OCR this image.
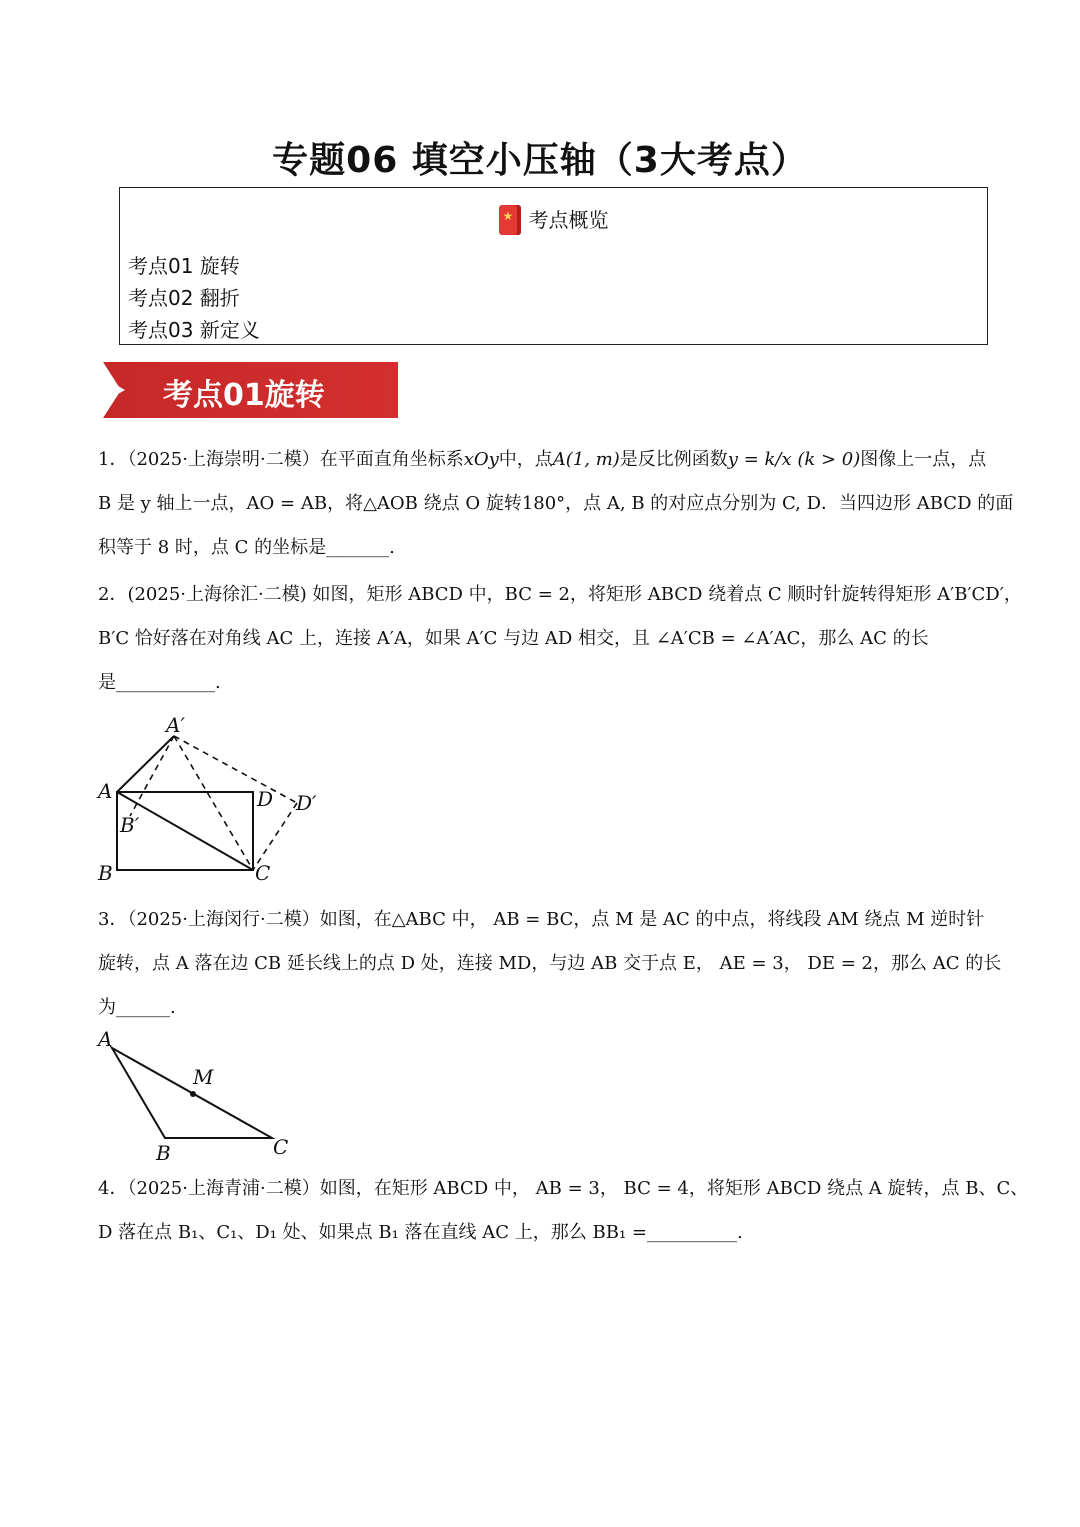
专题06 填空小压轴（3大考点）
★考点概览
考点01 旋转
考点02 翻折
考点03 新定义
考点01旋转
1．（2025·上海崇明·二模）在平面直角坐标系xOy中，点A(1, m)是反比例函数y = k/x (k > 0)图像上一点，点
B 是 y 轴上一点，AO = AB，将△AOB 绕点 O 旋转180°，点 A, B 的对应点分别为 C, D．当四边形 ABCD 的面
积等于 8 时，点 C 的坐标是_______.
2．(2025·上海徐汇·二模) 如图，矩形 ABCD 中，BC = 2，将矩形 ABCD 绕着点 C 顺时针旋转得矩形 A′B′CD′，
B′C 恰好落在对角线 AC 上，连接 A′A，如果 A′C 与边 AD 相交，且 ∠A′CB = ∠A′AC，那么 AC 的长
是___________.
A′
A	D D′
B′
B	C
3．（2025·上海闵行·二模）如图，在△ABC 中， AB = BC，点 M 是 AC 的中点，将线段 AM 绕点 M 逆时针
旋转，点 A 落在边 CB 延长线上的点 D 处，连接 MD，与边 AB 交于点 E， AE = 3， DE = 2，那么 AC 的长
为______.
A
M
B	C
4．（2025·上海青浦·二模）如图，在矩形 ABCD 中， AB = 3， BC = 4，将矩形 ABCD 绕点 A 旋转，点 B、C、
D 落在点 B₁、C₁、D₁ 处、如果点 B₁ 落在直线 AC 上，那么 BB₁ =__________.
